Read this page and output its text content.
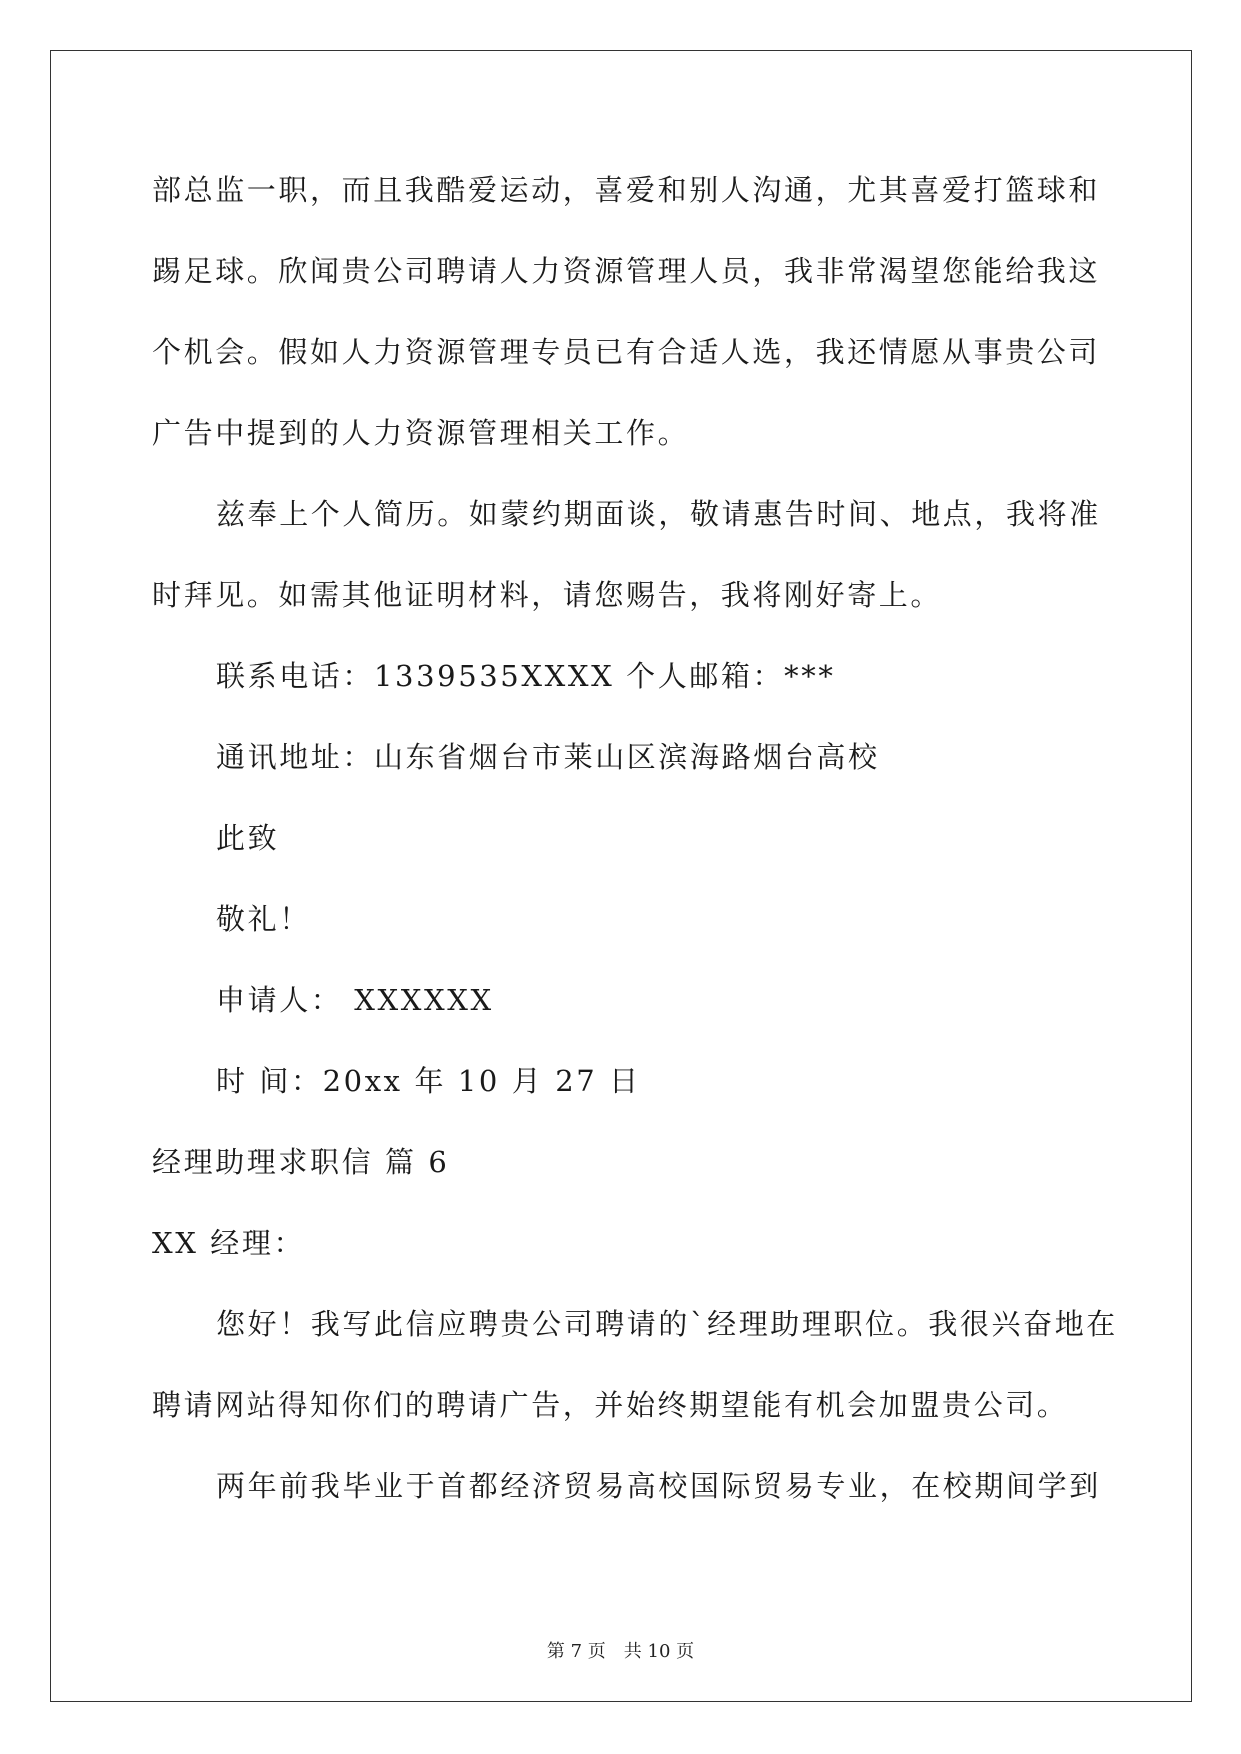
部总监一职，而且我酷爱运动，喜爱和别人沟通，尤其喜爱打篮球和
踢足球。欣闻贵公司聘请人力资源管理人员，我非常渴望您能给我这
个机会。假如人力资源管理专员已有合适人选，我还情愿从事贵公司
广告中提到的人力资源管理相关工作。
兹奉上个人简历。如蒙约期面谈，敬请惠告时间、地点，我将准
时拜见。如需其他证明材料，请您赐告，我将刚好寄上。
联系电话：1339535XXXX 个人邮箱：***
通讯地址：山东省烟台市莱山区滨海路烟台高校
此致
敬礼！
申请人： XXXXXX
时 间：20xx 年 10 月 27 日
经理助理求职信 篇 6
XX 经理：
您好！我写此信应聘贵公司聘请的`经理助理职位。我很兴奋地在
聘请网站得知你们的聘请广告，并始终期望能有机会加盟贵公司。
两年前我毕业于首都经济贸易高校国际贸易专业，在校期间学到
第 7 页 共 10 页
